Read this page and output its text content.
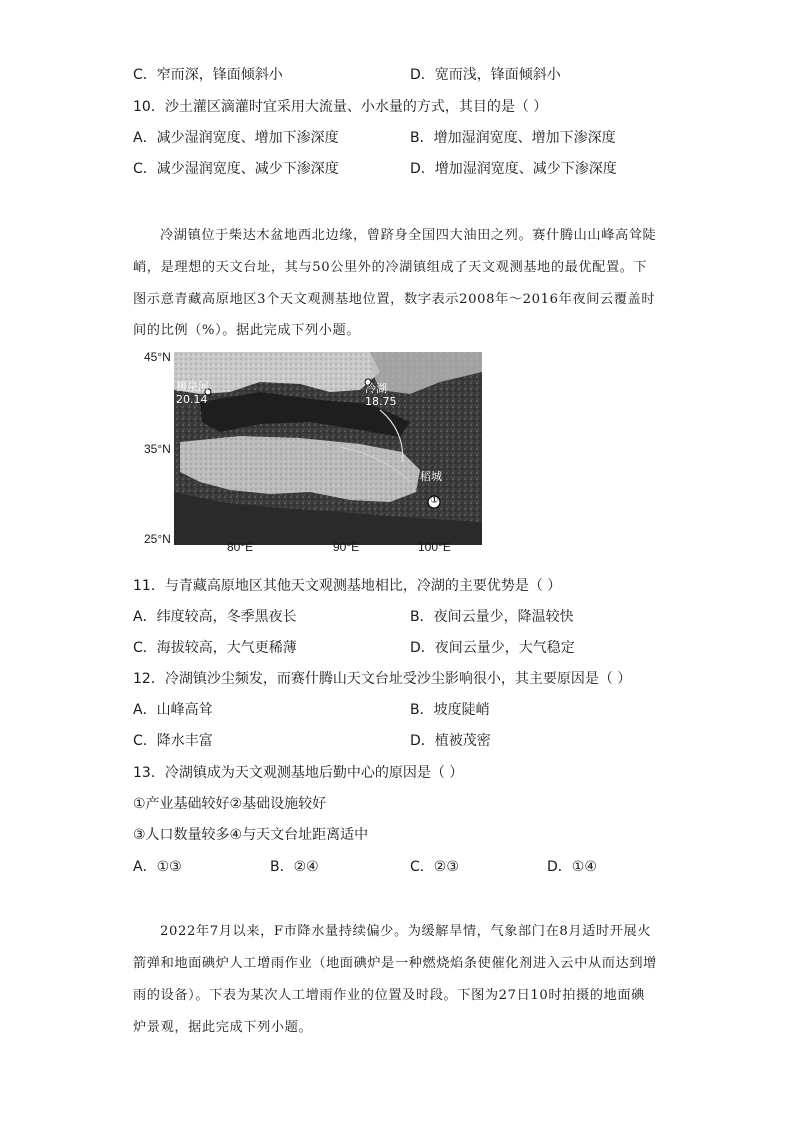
C．窄而深，锋面倾斜小	D．宽而浅，锋面倾斜小
10．沙土灌区滴灌时宜采用大流量、小水量的方式，其目的是（ ）
A．减少湿润宽度、增加下渗深度	B．增加湿润宽度、增加下渗深度
C．减少湿润宽度、减少下渗深度	D．增加湿润宽度、减少下渗深度
冷湖镇位于柴达木盆地西北边缘，曾跻身全国四大油田之列。赛什腾山山峰高耸陡
峭，是理想的天文台址，其与50公里外的冷湖镇组成了天文观测基地的最优配置。下
图示意青藏高原地区3个天文观测基地位置，数字表示2008年～2016年夜间云覆盖时
间的比例（%）。据此完成下列小题。
狮泉河
20.14
冷湖
18.75
稻城
①
45°N
35°N
25°N
80°E	90°E	100°E
11．与青藏高原地区其他天文观测基地相比，冷湖的主要优势是（ ）
A．纬度较高，冬季黑夜长	B．夜间云量少，降温较快
C．海拔较高，大气更稀薄	D．夜间云量少，大气稳定
12．冷湖镇沙尘频发，而赛什腾山天文台址受沙尘影响很小，其主要原因是（ ）
A．山峰高耸	B．坡度陡峭
C．降水丰富	D．植被茂密
13．冷湖镇成为天文观测基地后勤中心的原因是（ ）
①产业基础较好②基础设施较好
③人口数量较多④与天文台址距离适中
A．①③	B．②④	C．②③	D．①④
2022年7月以来，F市降水量持续偏少。为缓解旱情，气象部门在8月适时开展火
箭弹和地面碘炉人工增雨作业（地面碘炉是一种燃烧焰条使催化剂进入云中从而达到增
雨的设备）。下表为某次人工增雨作业的位置及时段。下图为27日10时拍摄的地面碘
炉景观，据此完成下列小题。
